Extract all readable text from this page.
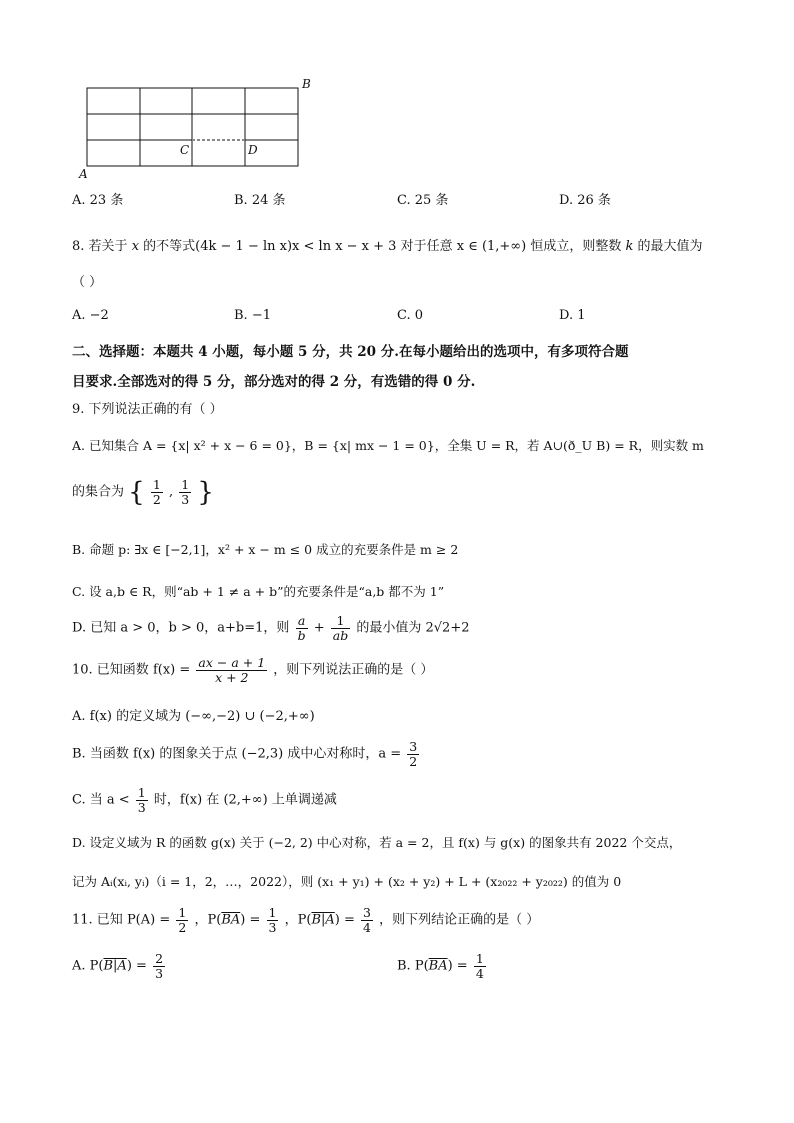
B
A
C	D
A. 23 条	B. 24 条	C. 25 条	D. 26 条
8. 若关于 x 的不等式(4k − 1 − ln x)x < ln x − x + 3 对于任意 x ∈ (1,+∞) 恒成立，则整数 k 的最大值为
（ ）
A. −2	B. −1	C. 0	D. 1
二、选择题：本题共 4 小题，每小题 5 分，共 20 分.在每小题给出的选项中，有多项符合题
目要求.全部选对的得 5 分，部分选对的得 2 分，有选错的得 0 分.
9. 下列说法正确的有（ ）
A. 已知集合 A = {x| x² + x − 6 = 0}，B = {x| mx − 1 = 0}，全集 U = R，若 A∪(ð_U B) = R，则实数 m
的集合为 { $\frac{1}{2}$ , $\frac{1}{3}$ }
B. 命题 p: ∃x ∈ [−2,1]，x² + x − m ≤ 0 成立的充要条件是 m ≥ 2
C. 设 a,b ∈ R，则“ab + 1 ≠ a + b”的充要条件是“a,b 都不为 1”
D. 已知 a > 0，b > 0，a+b=1，则 $\frac{a}{b} + \frac{1}{ab}$ 的最小值为 2√2+2
10. 已知函数 $f(x) = \frac{ax - a + 1}{x + 2}$ ，则下列说法正确的是（ ）
A. f(x) 的定义域为 (−∞,−2) ∪ (−2,+∞)
B. 当函数 f(x) 的图象关于点 (−2,3) 成中心对称时，$a = \frac{3}{2}$
C. 当 $a < \frac{1}{3}$ 时，f(x) 在 (2,+∞) 上单调递减
D. 设定义域为 R 的函数 g(x) 关于 (−2, 2) 中心对称，若 a = 2，且 f(x) 与 g(x) 的图象共有 2022 个交点，
记为 Aᵢ(xᵢ, yᵢ)（i = 1，2，…，2022），则 (x₁ + y₁) + (x₂ + y₂) + L + (x₂₀₂₂ + y₂₀₂₂) 的值为 0
11. 已知 $P(A) = \frac{1}{2}$ ，$P(\overline{BA}) = \frac{1}{3}$ ，$P(B|A) = \frac{3}{4}$ ，则下列结论正确的是（ ）
A. $P(B|A) = \frac{2}{3}$	B. $P(\overline{BA}) = \frac{1}{4}$
